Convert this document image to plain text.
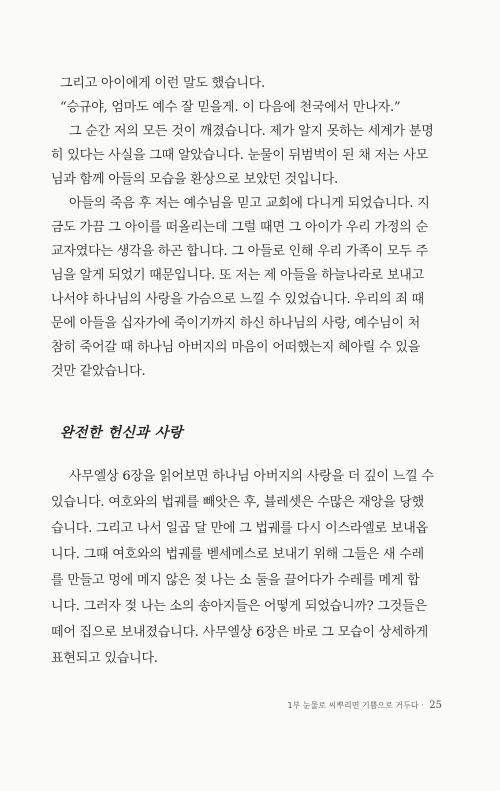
그리고 아이에게 이런 말도 했습니다.
“승규야, 엄마도 예수 잘 믿을게. 이 다음에 천국에서 만나자.”
그 순간 저의 모든 것이 깨졌습니다. 제가 알지 못하는 세계가 분명
히 있다는 사실을 그때 알았습니다. 눈물이 뒤범벅이 된 채 저는 사모
님과 함께 아들의 모습을 환상으로 보았던 것입니다.
아들의 죽음 후 저는 예수님을 믿고 교회에 다니게 되었습니다. 지
금도 가끔 그 아이를 떠올리는데 그럴 때면 그 아이가 우리 가정의 순
교자였다는 생각을 하곤 합니다. 그 아들로 인해 우리 가족이 모두 주
님을 알게 되었기 때문입니다. 또 저는 제 아들을 하늘나라로 보내고
나서야 하나님의 사랑을 가슴으로 느낄 수 있었습니다. 우리의 죄 때
문에 아들을 십자가에 죽이기까지 하신 하나님의 사랑, 예수님이 처
참히 죽어갈 때 하나님 아버지의 마음이 어떠했는지 헤아릴 수 있을
것만 같았습니다.
완전한 헌신과 사랑
사무엘상 6장을 읽어보면 하나님 아버지의 사랑을 더 깊이 느낄 수
있습니다. 여호와의 법궤를 빼앗은 후, 블레셋은 수많은 재앙을 당했
습니다. 그리고 나서 일곱 달 만에 그 법궤를 다시 이스라엘로 보내옵
니다. 그때 여호와의 법궤를 벧세메스로 보내기 위해 그들은 새 수레
를 만들고 멍에 메지 않은 젖 나는 소 둘을 끌어다가 수레를 메게 합
니다. 그러자 젖 나는 소의 송아지들은 어떻게 되었습니까? 그것들은
떼어 집으로 보내졌습니다. 사무엘상 6장은 바로 그 모습이 상세하게
표현되고 있습니다.
1부 눈물로 씨뿌리면 기쁨으로 거두다 · 25
